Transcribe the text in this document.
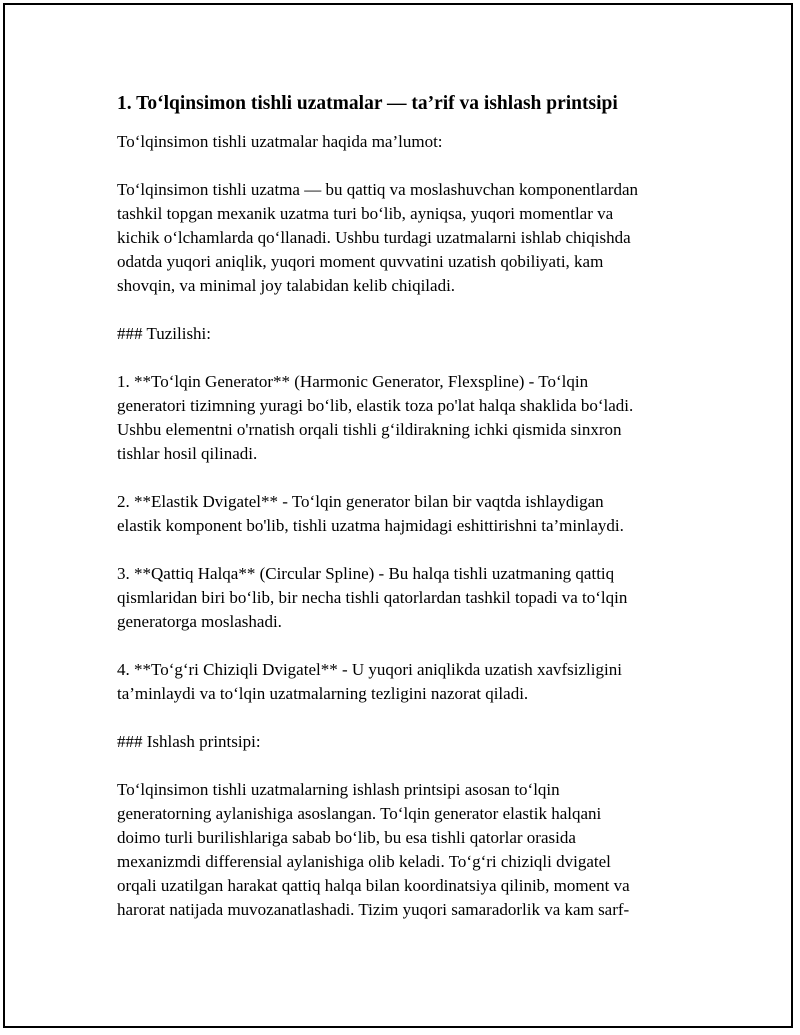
1. To‘lqinsimon tishli uzatmalar — ta’rif va ishlash printsipi

To‘lqinsimon tishli uzatmalar haqida ma’lumot:

To‘lqinsimon tishli uzatma — bu qattiq va moslashuvchan komponentlardan
tashkil topgan mexanik uzatma turi bo‘lib, ayniqsa, yuqori momentlar va
kichik o‘lchamlarda qo‘llanadi. Ushbu turdagi uzatmalarni ishlab chiqishda
odatda yuqori aniqlik, yuqori moment quvvatini uzatish qobiliyati, kam
shovqin, va minimal joy talabidan kelib chiqiladi.

### Tuzilishi:

1. **To‘lqin Generator** (Harmonic Generator, Flexspline) - To‘lqin
generatori tizimning yuragi bo‘lib, elastik toza po'lat halqa shaklida bo‘ladi.
Ushbu elementni o'rnatish orqali tishli g‘ildirakning ichki qismida sinxron
tishlar hosil qilinadi.
2. **Elastik Dvigatel** - To‘lqin generator bilan bir vaqtda ishlaydigan
elastik komponent bo'lib, tishli uzatma hajmidagi eshittirishni ta’minlaydi.
3. **Qattiq Halqa** (Circular Spline) - Bu halqa tishli uzatmaning qattiq
qismlaridan biri bo‘lib, bir necha tishli qatorlardan tashkil topadi va to‘lqin
generatorga moslashadi.
4. **To‘g‘ri Chiziqli Dvigatel** - U yuqori aniqlikda uzatish xavfsizligini
ta’minlaydi va to‘lqin uzatmalarning tezligini nazorat qiladi.

### Ishlash printsipi:

To‘lqinsimon tishli uzatmalarning ishlash printsipi asosan to‘lqin
generatorning aylanishiga asoslangan. To‘lqin generator elastik halqani
doimo turli burilishlariga sabab bo‘lib, bu esa tishli qatorlar orasida
mexanizmdi differensial aylanishiga olib keladi. To‘g‘ri chiziqli dvigatel
orqali uzatilgan harakat qattiq halqa bilan koordinatsiya qilinib, moment va
harorat natijada muvozanatlashadi. Tizim yuqori samaradorlik va kam sarf-
